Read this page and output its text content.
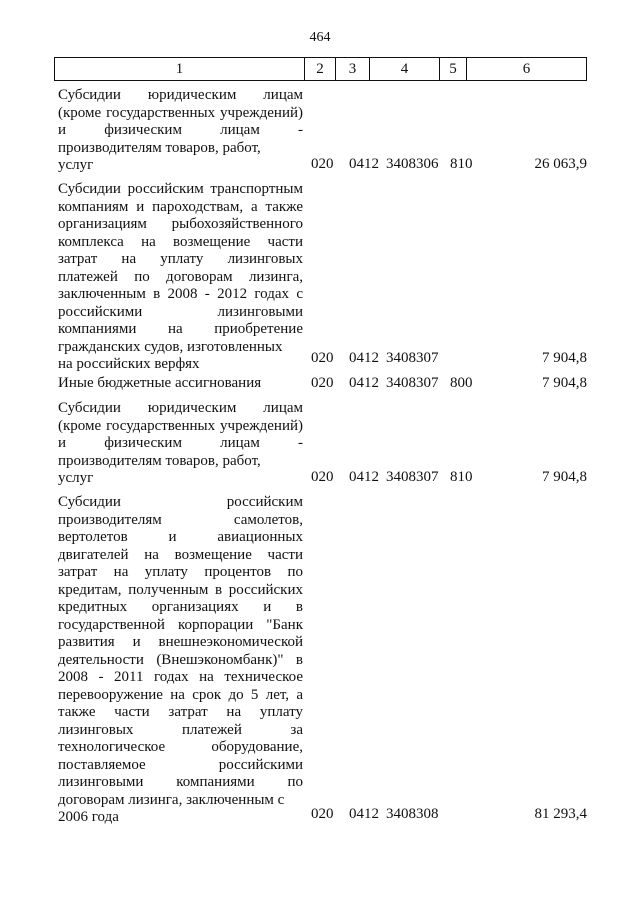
464
1	2	3	4	5	6
Субсидии юридическим лицам (кроме государственных учреждений) и физическим лицам - производителям товаров, работ,
услуг	020 0412 3408306 810	26 063,9
Субсидии российским транспортным компаниям и пароходствам, а также организациям рыбохозяйственного комплекса на возмещение части затрат на уплату лизинговых платежей по договорам лизинга, заключенным в 2008 - 2012 годах с российскими лизинговыми компаниями на приобретение гражданских судов, изготовленных
на российских верфях	020 0412 3408307	7 904,8
Иные бюджетные ассигнования	020 0412 3408307 800	7 904,8
Субсидии юридическим лицам (кроме государственных учреждений) и физическим лицам - производителям товаров, работ,
услуг	020 0412 3408307 810	7 904,8
Субсидии российским производителям самолетов, вертолетов и авиационных двигателей на возмещение части затрат на уплату процентов по кредитам, полученным в российских кредитных организациях и в государственной корпорации "Банк развития и внешнеэкономической деятельности (Внешэкономбанк)" в 2008 - 2011 годах на техническое перевооружение на срок до 5 лет, а также части затрат на уплату лизинговых платежей за технологическое оборудование, поставляемое российскими лизинговыми компаниями по договорам лизинга, заключенным с
2006 года	020 0412 3408308	81 293,4
